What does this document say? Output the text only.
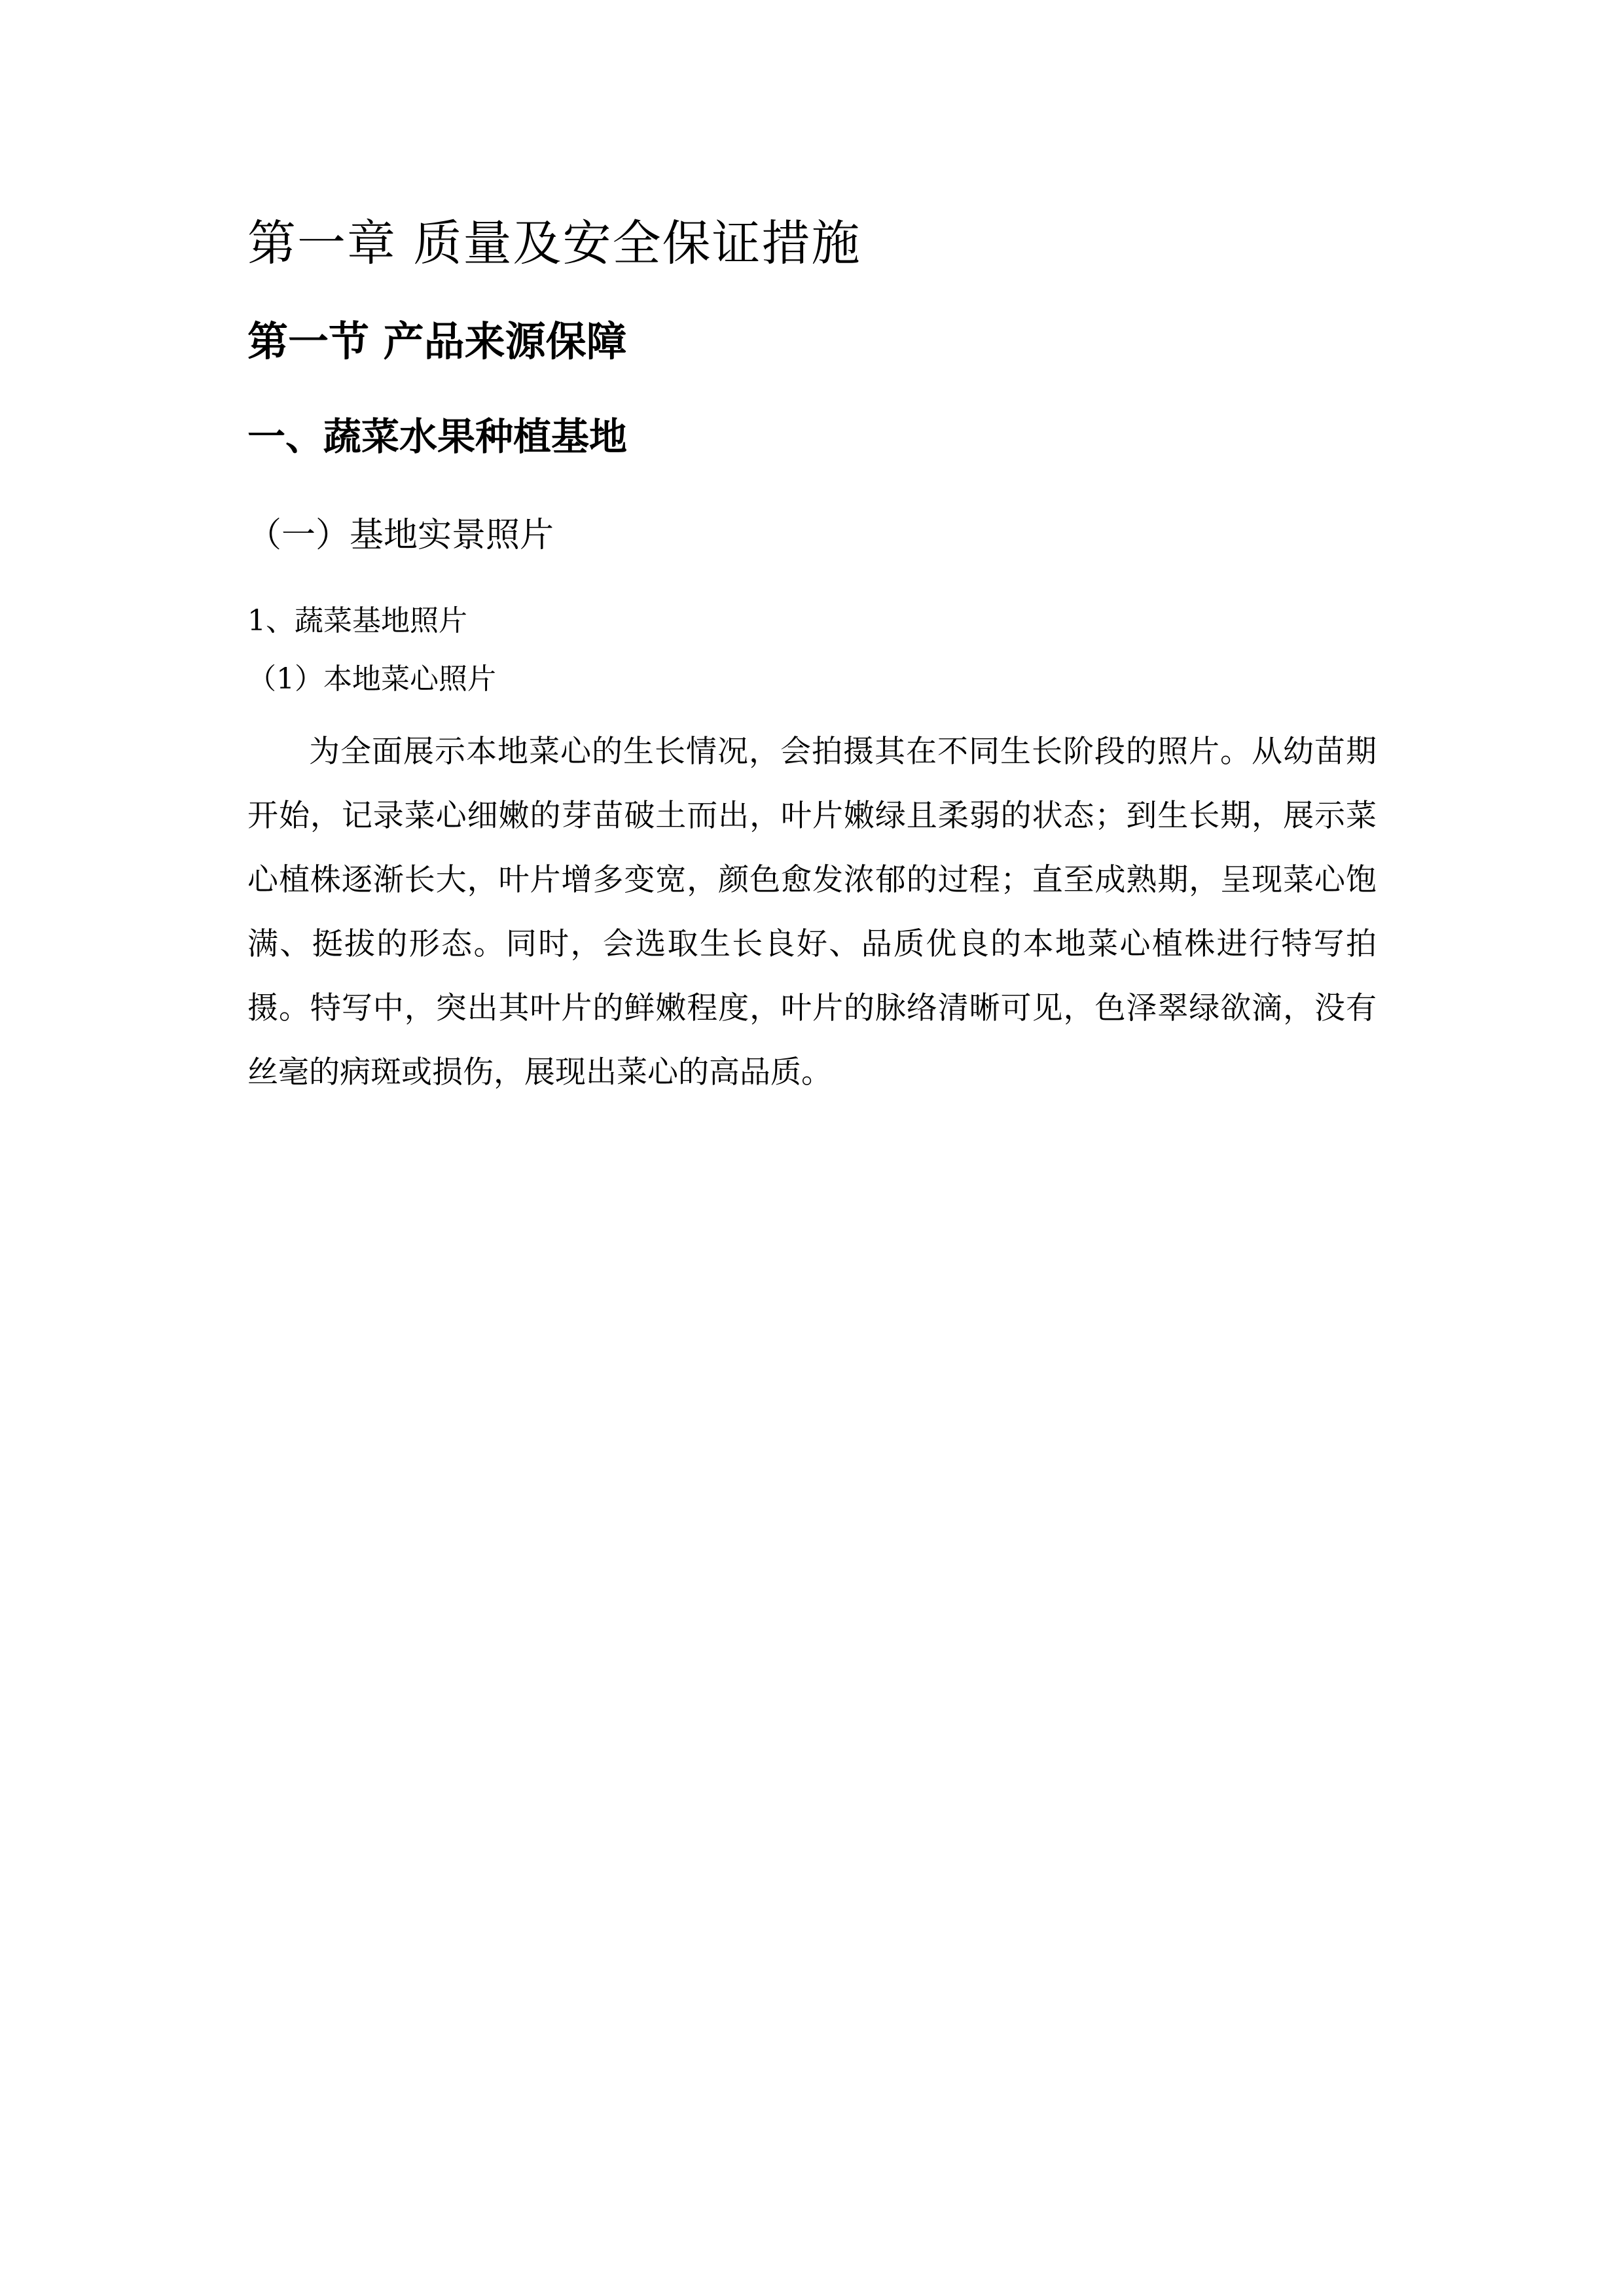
第一章 质量及安全保证措施
第一节 产品来源保障
一、蔬菜水果种植基地
（一）基地实景照片
1、蔬菜基地照片
（1）本地菜心照片

为全面展示本地菜心的生长情况，会拍摄其在不同生长阶段的照片。从幼苗期开始，记录菜心细嫩的芽苗破土而出，叶片嫩绿且柔弱的状态；到生长期，展示菜心植株逐渐长大，叶片增多变宽，颜色愈发浓郁的过程；直至成熟期，呈现菜心饱满、挺拔的形态。同时，会选取生长良好、品质优良的本地菜心植株进行特写拍摄。特写中，突出其叶片的鲜嫩程度，叶片的脉络清晰可见，色泽翠绿欲滴，没有丝毫的病斑或损伤，展现出菜心的高品质。
